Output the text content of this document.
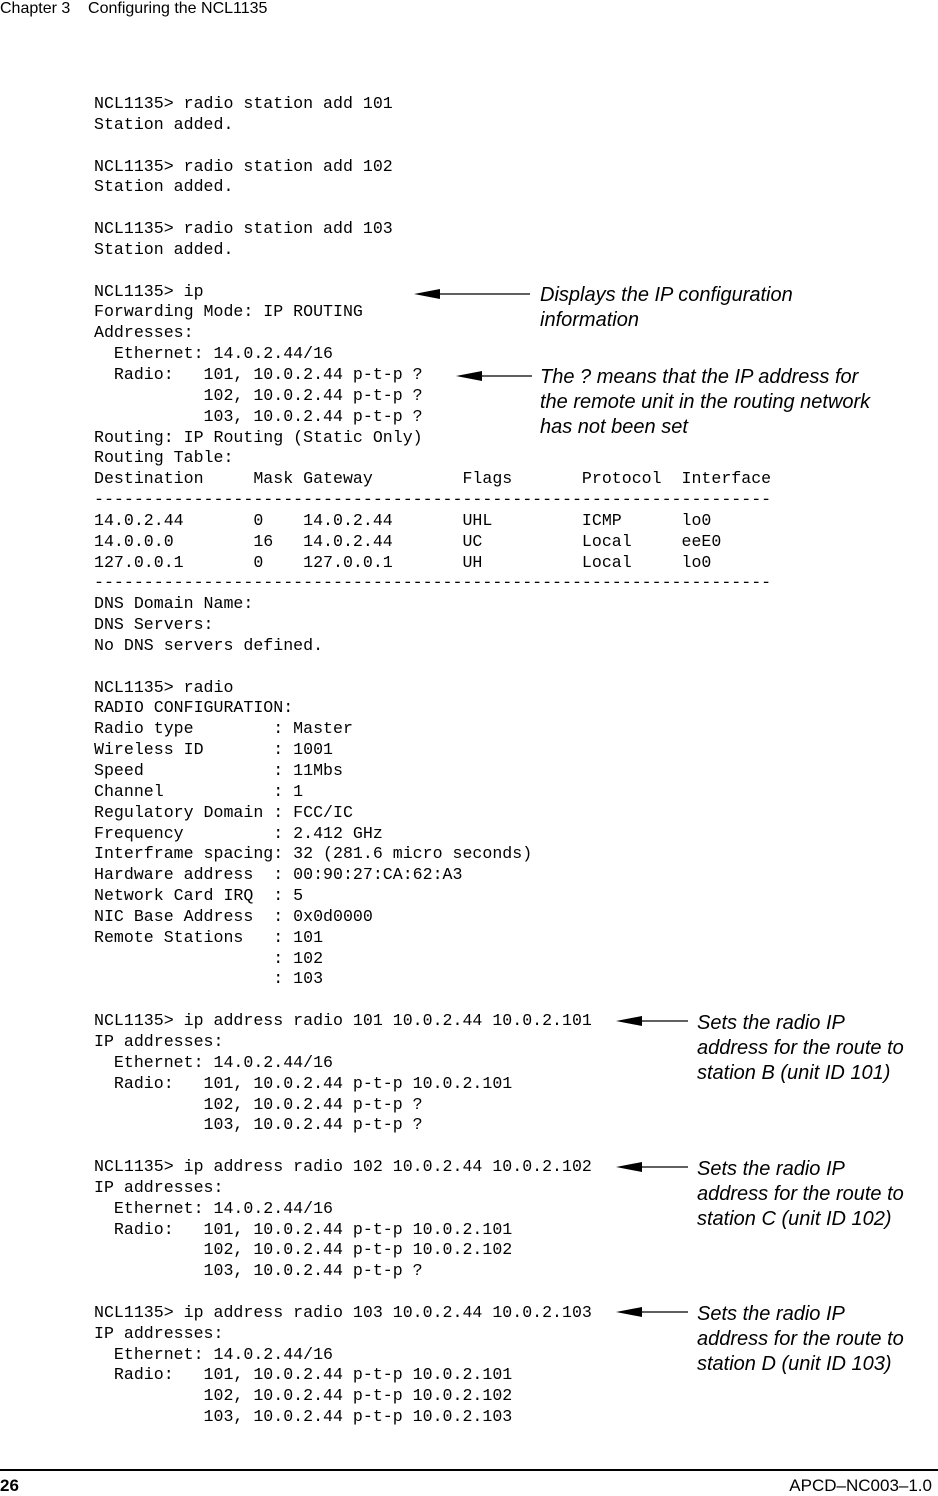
Chapter 3    Configuring the NCL1135
NCL1135> radio station add 101
Station added.
NCL1135> radio station add 102
Station added.
NCL1135> radio station add 103
Station added.
NCL1135> ip
Forwarding Mode: IP ROUTING
Addresses:
Ethernet: 14.0.2.44/16
Radio:   101, 10.0.2.44 p-t-p ?
102, 10.0.2.44 p-t-p ?
103, 10.0.2.44 p-t-p ?
Routing: IP Routing (Static Only)
Routing Table:
Destination     Mask Gateway         Flags       Protocol  Interface
--------------------------------------------------------------------
14.0.2.44       0    14.0.2.44       UHL         ICMP      lo0
14.0.0.0        16   14.0.2.44       UC          Local     eeE0
127.0.0.1       0    127.0.0.1       UH          Local     lo0
--------------------------------------------------------------------
DNS Domain Name:
DNS Servers:
No DNS servers defined.
NCL1135> radio
RADIO CONFIGURATION:
Radio type        : Master
Wireless ID       : 1001
Speed             : 11Mbs
Channel           : 1
Regulatory Domain : FCC/IC
Frequency         : 2.412 GHz
Interframe spacing: 32 (281.6 micro seconds)
Hardware address  : 00:90:27:CA:62:A3
Network Card IRQ  : 5
NIC Base Address  : 0x0d0000
Remote Stations   : 101
: 102
: 103
NCL1135> ip address radio 101 10.0.2.44 10.0.2.101
IP addresses:
Ethernet: 14.0.2.44/16
Radio:   101, 10.0.2.44 p-t-p 10.0.2.101
102, 10.0.2.44 p-t-p ?
103, 10.0.2.44 p-t-p ?
NCL1135> ip address radio 102 10.0.2.44 10.0.2.102
IP addresses:
Ethernet: 14.0.2.44/16
Radio:   101, 10.0.2.44 p-t-p 10.0.2.101
102, 10.0.2.44 p-t-p 10.0.2.102
103, 10.0.2.44 p-t-p ?
NCL1135> ip address radio 103 10.0.2.44 10.0.2.103
IP addresses:
Ethernet: 14.0.2.44/16
Radio:   101, 10.0.2.44 p-t-p 10.0.2.101
102, 10.0.2.44 p-t-p 10.0.2.102
103, 10.0.2.44 p-t-p 10.0.2.103
Displays the IP configuration
information
The ? means that the IP address for
the remote unit in the routing network
has not been set
Sets the radio IP
address for the route to
station B (unit ID 101)
Sets the radio IP
address for the route to
station C (unit ID 102)
Sets the radio IP
address for the route to
station D (unit ID 103)
26	APCD–NC003–1.0
